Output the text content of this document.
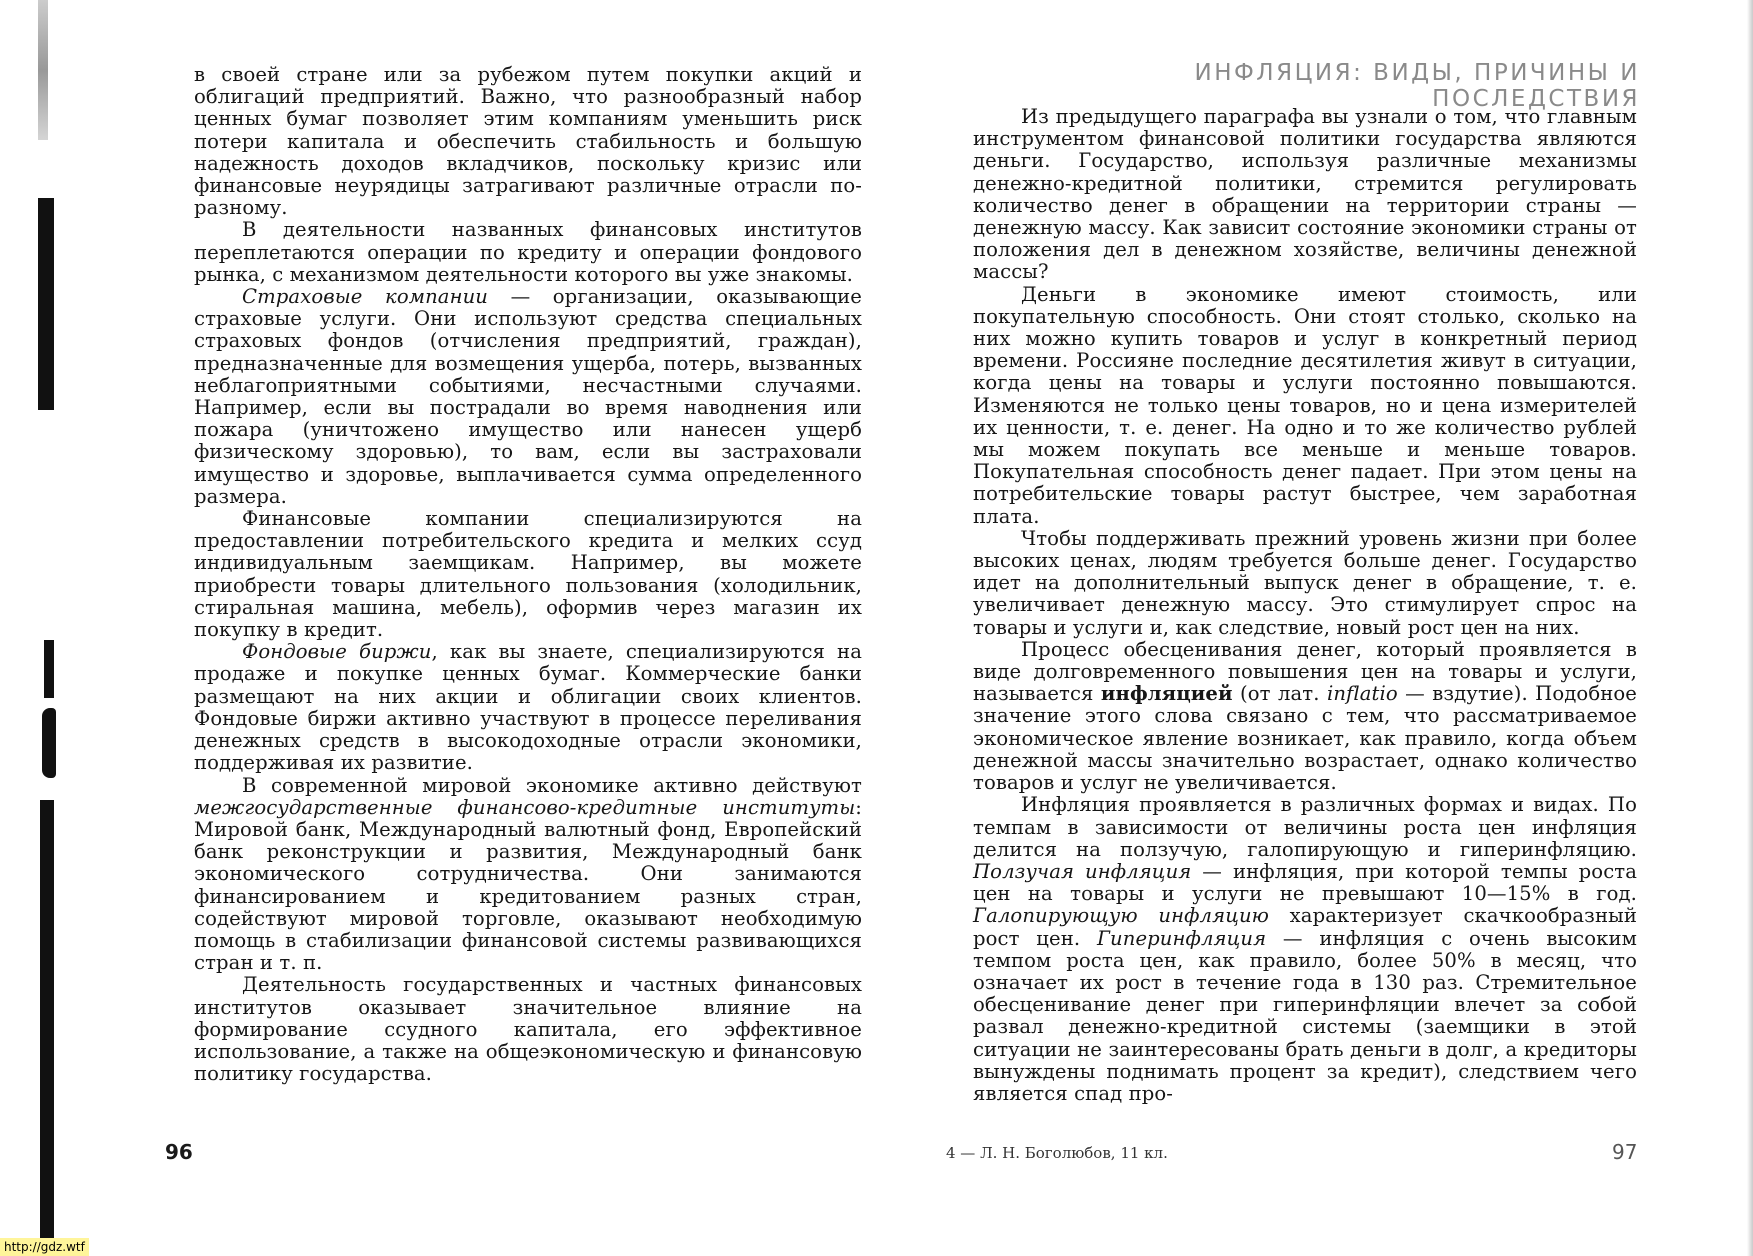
в своей стране или за рубежом путем покупки акций и облигаций предприятий. Важно, что разнообразный набор ценных бумаг позволяет этим компаниям уменьшить риск потери капитала и обеспечить стабильность и большую надежность доходов вкладчиков, поскольку кризис или финансовые неурядицы затрагивают различные отрасли по-разному.

В деятельности названных финансовых институтов переплетаются операции по кредиту и операции фондового рынка, с механизмом деятельности которого вы уже знакомы.

Страховые компании — организации, оказывающие страховые услуги. Они используют средства специальных страховых фондов (отчисления предприятий, граждан), предназначенные для возмещения ущерба, потерь, вызванных неблагоприятными событиями, несчастными случаями. Например, если вы пострадали во время наводнения или пожара (уничтожено имущество или нанесен ущерб физическому здоровью), то вам, если вы застраховали имущество и здоровье, выплачивается сумма определенного размера.

Финансовые компании специализируются на предоставлении потребительского кредита и мелких ссуд индивидуальным заемщикам. Например, вы можете приобрести товары длительного пользования (холодильник, стиральная машина, мебель), оформив через магазин их покупку в кредит.

Фондовые биржи, как вы знаете, специализируются на продаже и покупке ценных бумаг. Коммерческие банки размещают на них акции и облигации своих клиентов. Фондовые биржи активно участвуют в процессе переливания денежных средств в высокодоходные отрасли экономики, поддерживая их развитие.

В современной мировой экономике активно действуют межгосударственные финансово-кредитные институты: Мировой банк, Международный валютный фонд, Европейский банк реконструкции и развития, Международный банк экономического сотрудничества. Они занимаются финансированием и кредитованием разных стран, содействуют мировой торговле, оказывают необходимую помощь в стабилизации финансовой системы развивающихся стран и т. п.

Деятельность государственных и частных финансовых институтов оказывает значительное влияние на формирование ссудного капитала, его эффективное использование, а также на общеэкономическую и финансовую политику государства.

96
ИНФЛЯЦИЯ: ВИДЫ, ПРИЧИНЫ И ПОСЛЕДСТВИЯ

Из предыдущего параграфа вы узнали о том, что главным инструментом финансовой политики государства являются деньги. Государство, используя различные механизмы денежно-кредитной политики, стремится регулировать количество денег в обращении на территории страны — денежную массу. Как зависит состояние экономики страны от положения дел в денежном хозяйстве, величины денежной массы?

Деньги в экономике имеют стоимость, или покупательную способность. Они стоят столько, сколько на них можно купить товаров и услуг в конкретный период времени. Россияне последние десятилетия живут в ситуации, когда цены на товары и услуги постоянно повышаются. Изменяются не только цены товаров, но и цена измерителей их ценности, т. е. денег. На одно и то же количество рублей мы можем покупать все меньше и меньше товаров. Покупательная способность денег падает. При этом цены на потребительские товары растут быстрее, чем заработная плата.

Чтобы поддерживать прежний уровень жизни при более высоких ценах, людям требуется больше денег. Государство идет на дополнительный выпуск денег в обращение, т. е. увеличивает денежную массу. Это стимулирует спрос на товары и услуги и, как следствие, новый рост цен на них.

Процесс обесценивания денег, который проявляется в виде долговременного повышения цен на товары и услуги, называется инфляцией (от лат. inflatio — вздутие). Подобное значение этого слова связано с тем, что рассматриваемое экономическое явление возникает, как правило, когда объем денежной массы значительно возрастает, однако количество товаров и услуг не увеличивается.

Инфляция проявляется в различных формах и видах. По темпам в зависимости от величины роста цен инфляция делится на ползучую, галопирующую и гиперинфляцию. Ползучая инфляция — инфляция, при которой темпы роста цен на товары и услуги не превышают 10—15% в год. Галопирующую инфляцию характеризует скачкообразный рост цен. Гиперинфляция — инфляция с очень высоким темпом роста цен, как правило, более 50% в месяц, что означает их рост в течение года в 130 раз. Стремительное обесценивание денег при гиперинфляции влечет за собой развал денежно-кредитной системы (заемщики в этой ситуации не заинтересованы брать деньги в долг, а кредиторы вынуждены поднимать процент за кредит), следствием чего является спад про-

4 — Л. Н. Боголюбов, 11 кл.	97
http://gdz.wtf
